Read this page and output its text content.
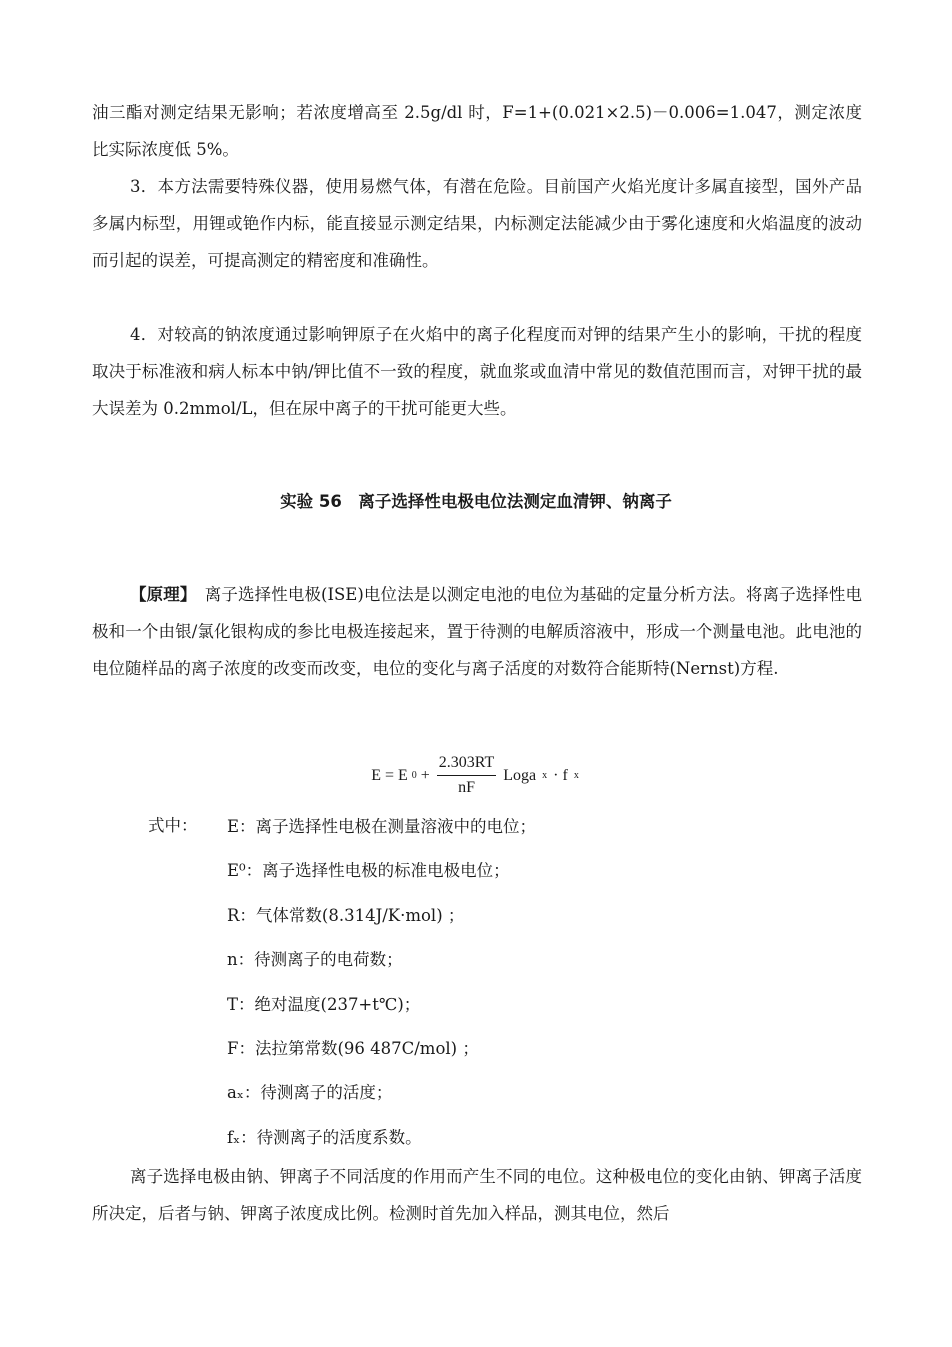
油三酯对测定结果无影响；若浓度增高至 2.5g/dl 时，F=1+(0.021×2.5)－0.006=1.047，测定浓度比实际浓度低 5%。

3．本方法需要特殊仪器，使用易燃气体，有潜在危险。目前国产火焰光度计多属直接型，国外产品多属内标型，用锂或铯作内标，能直接显示测定结果，内标测定法能减少由于雾化速度和火焰温度的波动而引起的误差，可提高测定的精密度和准确性。

4．对较高的钠浓度通过影响钾原子在火焰中的离子化程度而对钾的结果产生小的影响，干扰的程度取决于标准液和病人标本中钠/钾比值不一致的程度，就血浆或血清中常见的数值范围而言，对钾干扰的最大误差为 0.2mmol/L，但在尿中离子的干扰可能更大些。

实验 56　离子选择性电极电位法测定血清钾、钠离子

【原理】　离子选择性电极(ISE)电位法是以测定电池的电位为基础的定量分析方法。将离子选择性电极和一个由银/氯化银构成的参比电极连接起来，置于待测的电解质溶液中，形成一个测量电池。此电池的电位随样品的离子浓度的改变而改变，电位的变化与离子活度的对数符合能斯特(Nernst)方程.

E = E $0 + \frac{2.303RT}{nF}$ Loga x · f x

式中： E：离子选择性电极在测量溶液中的电位；
E⁰：离子选择性电极的标准电极电位；
R：气体常数(8.314J/K·mol) ；
n：待测离子的电荷数；
T：绝对温度(237+t℃)；
F：法拉第常数(96 487C/mol) ；
aₓ：待测离子的活度；
fₓ：待测离子的活度系数。

离子选择电极由钠、钾离子不同活度的作用而产生不同的电位。这种极电位的变化由钠、钾离子活度所决定，后者与钠、钾离子浓度成比例。检测时首先加入样品，测其电位，然后
